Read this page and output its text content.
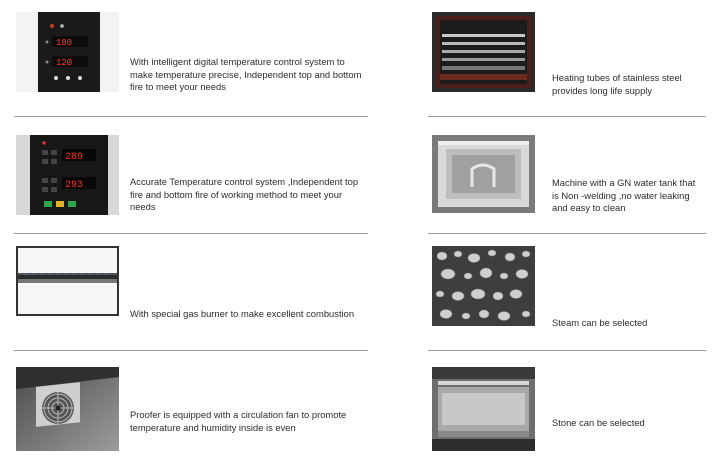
180
120	With intelligent digital temperature control system to make temperature precise, Independent top and bottom fire to meet your needs
289
293	Accurate Temperature control system ,Independent top fire and bottom fire of working method to meet your needs
With special gas burner to make excellent combustion
Proofer is equipped with a circulation fan to promote temperature and humidity inside is even
Heating tubes of stainless steel provides long life supply
Machine with a GN water tank that is Non -welding ,no water leaking and easy to clean
Steam can be selected
Stone can be selected
